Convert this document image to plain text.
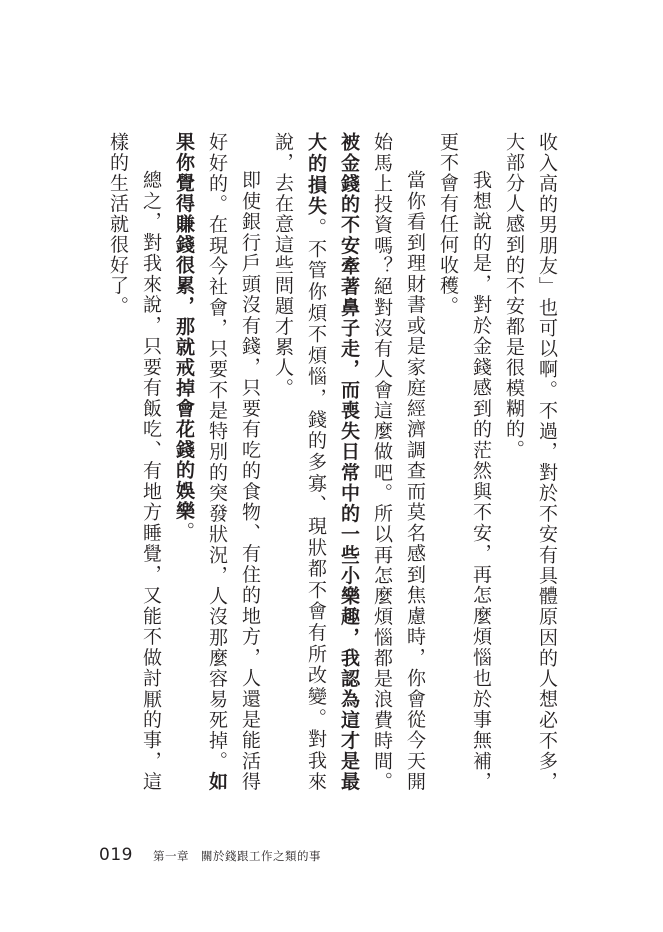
收入高的男朋友」也可以啊。不過，對於不安有具體原因的人想必不多，大部分人感到的不安都是很模糊的。

我想說的是，對於金錢感到的茫然與不安，再怎麼煩惱也於事無補，更不會有任何收穫。

當你看到理財書或是家庭經濟調查而莫名感到焦慮時，你會從今天開始馬上投資嗎？絕對沒有人會這麼做吧。所以再怎麼煩惱都是浪費時間。被金錢的不安牽著鼻子走，而喪失日常中的一些小樂趣，我認為這才是最大的損失。不管你煩不煩惱，錢的多寡、現狀都不會有所改變。對我來說，去在意這些問題才累人。

即使銀行戶頭沒有錢，只要有吃的食物、有住的地方，人還是能活得好好的。在現今社會，只要不是特別的突發狀況，人沒那麼容易死掉。如果你覺得賺錢很累，那就戒掉會花錢的娛樂。

總之，對我來說，只要有飯吃、有地方睡覺，又能不做討厭的事，這樣的生活就很好了。

019 第一章 關於錢跟工作之類的事
